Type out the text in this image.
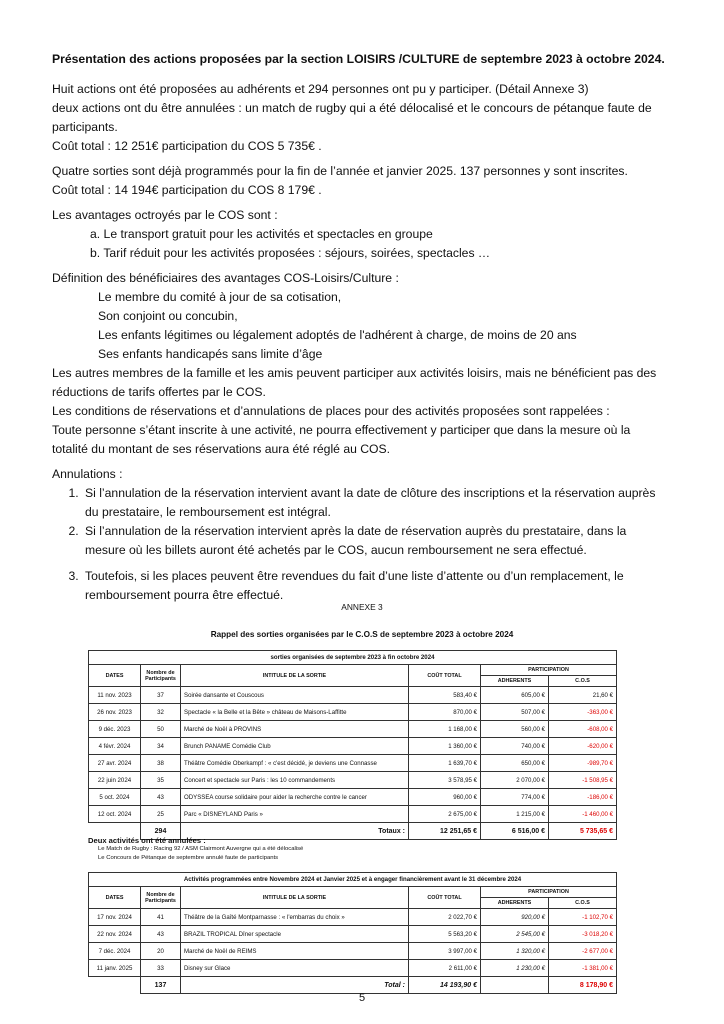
Présentation des actions proposées par la section LOISIRS /CULTURE de septembre 2023 à octobre 2024.

Huit actions ont été proposées au adhérents et 294 personnes ont pu y participer. (Détail Annexe 3)

deux actions ont du être annulées : un match de rugby qui a été délocalisé et le concours de pétanque faute de participants.

Coût total : 12 251€ participation du COS 5 735€ .

Quatre sorties sont déjà programmés pour la fin de l’année et janvier 2025. 137 personnes y sont inscrites.

Coût total : 14 194€ participation du COS 8 179€ .

Les avantages octroyés par le COS sont :

a. Le transport gratuit pour les activités et spectacles en groupe

b. Tarif réduit pour les activités proposées : séjours, soirées, spectacles …

Définition des bénéficiaires des avantages COS-Loisirs/Culture :

Le membre du comité à jour de sa cotisation,

Son conjoint ou concubin,

Les enfants légitimes ou légalement adoptés de l'adhérent à charge, de moins de 20 ans

Ses enfants handicapés sans limite d’âge

Les autres membres de la famille et les amis peuvent participer aux activités loisirs, mais ne bénéficient pas des réductions de tarifs offertes par le COS.

Les conditions de réservations et d’annulations de places pour des activités proposées sont rappelées :

Toute personne s’étant inscrite à une activité, ne pourra effectivement y participer que dans la mesure où la totalité du montant de ses réservations aura été réglé au COS.

Annulations :

1. Si l’annulation de la réservation intervient avant la date de clôture des inscriptions et la réservation auprès du prestataire, le remboursement est intégral.
2. Si l’annulation de la réservation intervient après la date de réservation auprès du prestataire, dans la mesure où les billets auront été achetés par le COS, aucun remboursement ne sera effectué.
3. Toutefois, si les places peuvent être revendues du fait d’une liste d’attente ou d’un remplacement, le remboursement pourra être effectué.
ANNEXE 3
Rappel des sorties organisées par le C.O.S de septembre 2023 à octobre 2024
sorties organisées de septembre 2023 à fin octobre 2024					
DATES	Nombre de Participants	INTITULE DE LA SORTIE	COÛT TOTAL	PARTICIPATION	
				ADHERENTS	C.O.S
11 nov. 2023	37	Soirée dansante et Couscous	583,40 €	605,00 €	21,60 €
26 nov. 2023	32	Spectacle « la Belle et la Bête » château de Maisons-Laffitte	870,00 €	507,00 €	-363,00 €
9 déc. 2023	50	Marché de Noël à PROVINS	1 168,00 €	560,00 €	-608,00 €
4 févr. 2024	34	Brunch PANAME Comédie Club	1 360,00 €	740,00 €	-620,00 €
27 avr. 2024	38	Théâtre Comédie Oberkampf : « c'est décidé, je deviens une Connasse	1 639,70 €	650,00 €	-989,70 €
22 juin 2024	35	Concert et spectacle sur Paris : les 10 commandements	3 578,95 €	2 070,00 €	-1 508,95 €
5 oct. 2024	43	ODYSSEA course solidaire pour aider la recherche contre le cancer	960,00 €	774,00 €	-186,00 €
12 oct. 2024	25	Parc « DISNEYLAND Paris »	2 675,00 €	1 215,00 €	-1 460,00 €
	294	Totaux :	12 251,65 €	6 516,00 €	5 735,65 €
Deux activités ont été annulées :
Le Match de Rugby : Racing 92 / ASM Clairmont Auvergne qui a été délocalisé
Le Concours de Pétanque de septembre annulé faute de participants
Activités programmées entre Novembre 2024 et Janvier 2025 et à engager financièrement avant le 31 décembre 2024					
DATES	Nombre de Participants	INTITULE DE LA SORTIE	COÛT TOTAL	PARTICIPATION	
				ADHERENTS	C.O.S
17 nov. 2024	41	Théâtre de la Gaîté Montparnasse : « l'embarras du choix »	2 022,70 €	920,00 €	-1 102,70 €
22 nov. 2024	43	BRAZIL TROPICAL Dîner spectacle	5 563,20 €	2 545,00 €	-3 018,20 €
7 déc. 2024	20	Marché de Noël de REIMS	3 997,00 €	1 320,00 €	-2 677,00 €
11 janv. 2025	33	Disney sur Glace	2 611,00 €	1 230,00 €	-1 381,00 €
	137	Total :	14 193,90 €		8 178,90 €
5
